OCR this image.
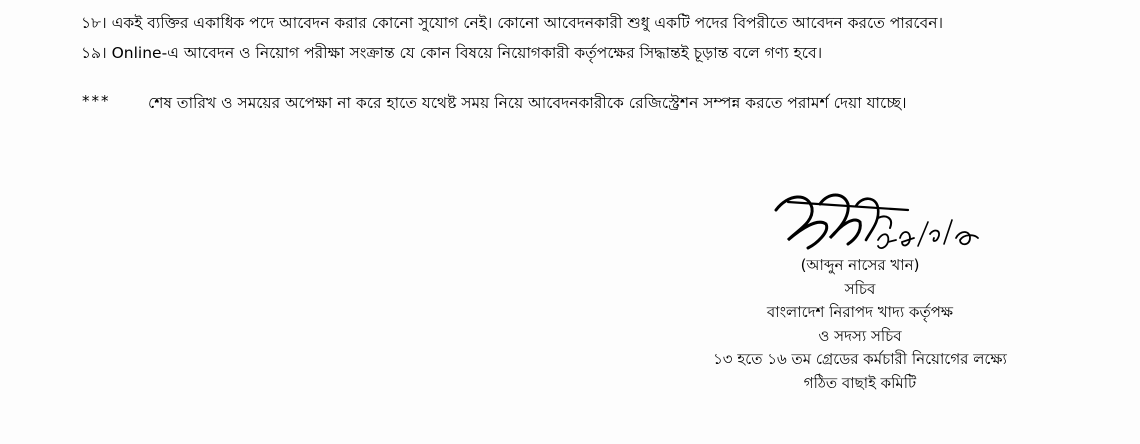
১৮। একই ব্যক্তির একাধিক পদে আবেদন করার কোনো সুযোগ নেই। কোনো আবেদনকারী শুধু একটি পদের বিপরীতে আবেদন করতে পারবেন।
১৯। Online-এ আবেদন ও নিয়োগ পরীক্ষা সংক্রান্ত যে কোন বিষয়ে নিয়োগকারী কর্তৃপক্ষের সিদ্ধান্তই চূড়ান্ত বলে গণ্য হবে।
*** শেষ তারিখ ও সময়ের অপেক্ষা না করে হাতে যথেষ্ট সময় নিয়ে আবেদনকারীকে রেজিস্ট্রেশন সম্পন্ন করতে পরামর্শ দেয়া যাচ্ছে।
(আব্দুন নাসের খান)
সচিব
বাংলাদেশ নিরাপদ খাদ্য কর্তৃপক্ষ
ও সদস্য সচিব
১৩ হতে ১৬ তম গ্রেডের কর্মচারী নিয়োগের লক্ষ্যে
গঠিত বাছাই কমিটি
